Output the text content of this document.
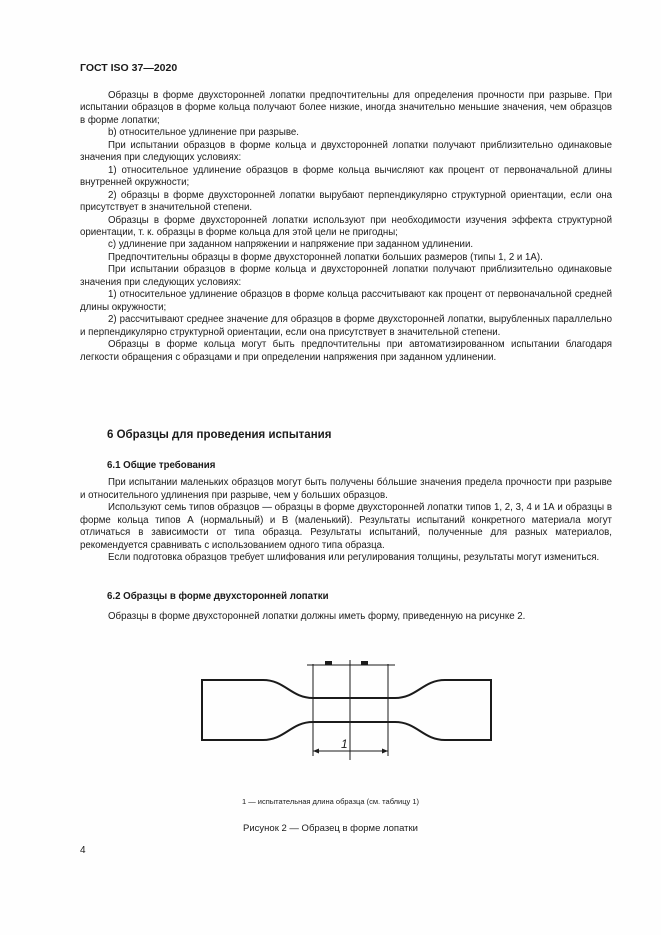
ГОСТ ISO 37—2020

Образцы в форме двухсторонней лопатки предпочтительны для определения прочности при разрыве. При испытании образцов в форме кольца получают более низкие, иногда значительно меньшие значения, чем образцов в форме лопатки;

b) относительное удлинение при разрыве.

При испытании образцов в форме кольца и двухсторонней лопатки получают приблизительно одинаковые значения при следующих условиях:

1) относительное удлинение образцов в форме кольца вычисляют как процент от первоначальной длины внутренней окружности;

2) образцы в форме двухсторонней лопатки вырубают перпендикулярно структурной ориентации, если она присутствует в значительной степени.

Образцы в форме двухсторонней лопатки используют при необходимости изучения эффекта структурной ориентации, т. к. образцы в форме кольца для этой цели не пригодны;

c) удлинение при заданном напряжении и напряжение при заданном удлинении.

Предпочтительны образцы в форме двухсторонней лопатки больших размеров (типы 1, 2 и 1А).

При испытании образцов в форме кольца и двухсторонней лопатки получают приблизительно одинаковые значения при следующих условиях:

1) относительное удлинение образцов в форме кольца рассчитывают как процент от первоначальной средней длины окружности;

2) рассчитывают среднее значение для образцов в форме двухсторонней лопатки, вырубленных параллельно и перпендикулярно структурной ориентации, если она присутствует в значительной степени.

Образцы в форме кольца могут быть предпочтительны при автоматизированном испытании благодаря легкости обращения с образцами и при определении напряжения при заданном удлинении.

6 Образцы для проведения испытания
6.1 Общие требования

При испытании маленьких образцов могут быть получены бóльшие значения предела прочности при разрыве и относительного удлинения при разрыве, чем у больших образцов.

Используют семь типов образцов — образцы в форме двухсторонней лопатки типов 1, 2, 3, 4 и 1А и образцы в форме кольца типов А (нормальный) и В (маленький). Результаты испытаний конкретного материала могут отличаться в зависимости от типа образца. Результаты испытаний, полученные для разных материалов, рекомендуется сравнивать с использованием одного типа образца.

Если подготовка образцов требует шлифования или регулирования толщины, результаты могут измениться.

6.2 Образцы в форме двухсторонней лопатки

Образцы в форме двухсторонней лопатки должны иметь форму, приведенную на рисунке 2.

1
1 — испытательная длина образца (см. таблицу 1)
Рисунок 2 — Образец в форме лопатки
4
